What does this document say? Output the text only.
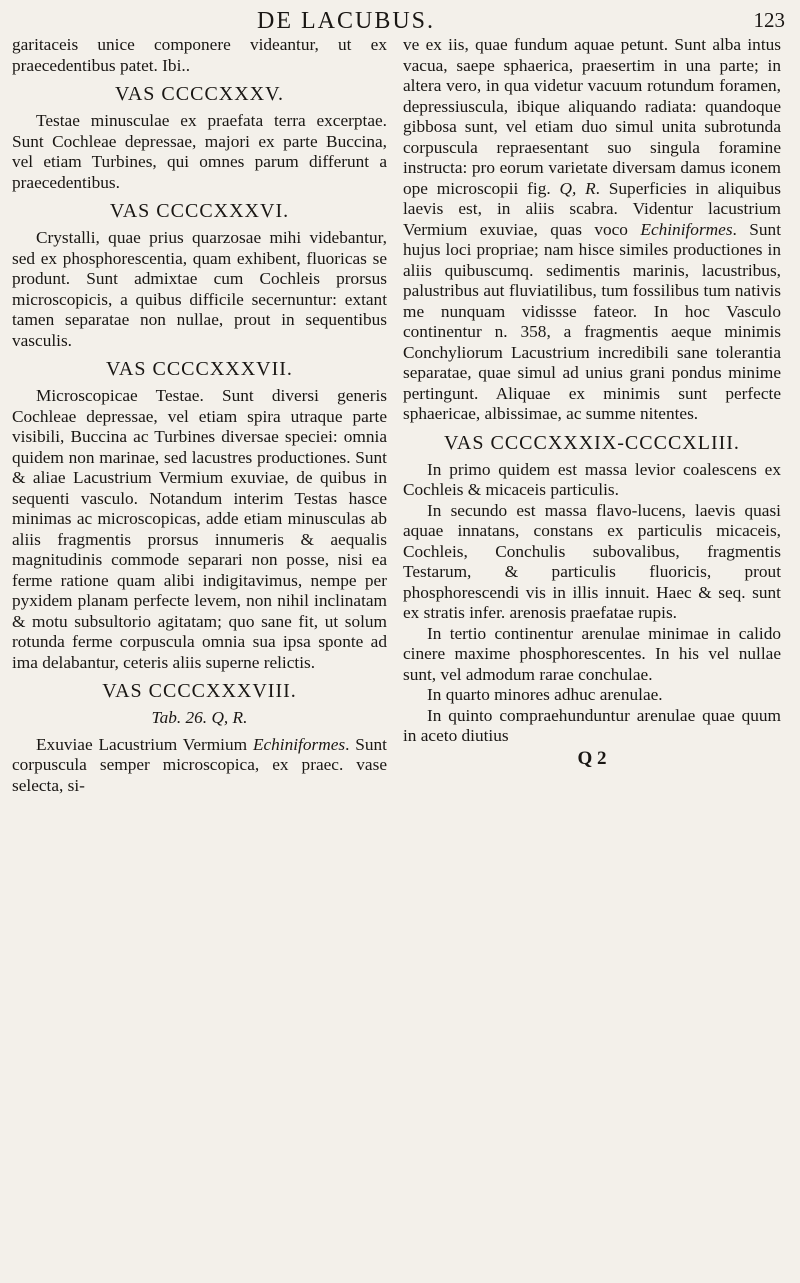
DE LACUBUS.	123

garitaceis unice componere videantur, ut ex praecedentibus patet. Ibi..

VAS CCCCXXXV.

Testae minusculae ex praefata terra excerptae. Sunt Cochleae depressae, majori ex parte Buccina, vel etiam Turbines, qui omnes parum differunt a praecedentibus.

VAS CCCCXXXVI.

Crystalli, quae prius quarzosae mihi videbantur, sed ex phosphorescentia, quam exhibent, fluoricas se produnt. Sunt admixtae cum Cochleis prorsus microscopicis, a quibus difficile secernuntur: extant tamen separatae non nullae, prout in sequentibus vasculis.

VAS CCCCXXXVII.

Microscopicae Testae. Sunt diversi generis Cochleae depressae, vel etiam spira utraque parte visibili, Buccina ac Turbines diversae speciei: omnia quidem non marinae, sed lacustres productiones. Sunt & aliae Lacustrium Vermium exuviae, de quibus in sequenti vasculo. Notandum interim Testas hasce minimas ac microscopicas, adde etiam minusculas ab aliis fragmentis prorsus innumeris & aequalis magnitudinis commode separari non posse, nisi ea ferme ratione quam alibi indigitavimus, nempe per pyxidem planam perfecte levem, non nihil inclinatam & motu subsultorio agitatam; quo sane fit, ut solum rotunda ferme corpuscula omnia sua ipsa sponte ad ima delabantur, ceteris aliis superne relictis.

VAS CCCCXXXVIII.

Tab. 26. Q, R.

Exuviae Lacustrium Vermium Echiniformes. Sunt corpuscula semper microscopica, ex praec. vase selecta, si-

ve ex iis, quae fundum aquae petunt. Sunt alba intus vacua, saepe sphaerica, praesertim in una parte; in altera vero, in qua videtur vacuum rotundum foramen, depressiuscula, ibique aliquando radiata: quandoque gibbosa sunt, vel etiam duo simul unita subrotunda corpuscula repraesentant suo singula foramine instructa: pro eorum varietate diversam damus iconem ope microscopii fig. Q, R. Superficies in aliquibus laevis est, in aliis scabra. Videntur lacustrium Vermium exuviae, quas voco Echiniformes. Sunt hujus loci propriae; nam hisce similes productiones in aliis quibuscumq. sedimentis marinis, lacustribus, palustribus aut fluviatilibus, tum fossilibus tum nativis me nunquam vidissse fateor. In hoc Vasculo continentur n. 358, a fragmentis aeque minimis Conchyliorum Lacustrium incredibili sane tolerantia separatae, quae simul ad unius grani pondus minime pertingunt. Aliquae ex minimis sunt perfecte sphaericae, albissimae, ac summe nitentes.

VAS CCCCXXXIX-CCCCXLIII.

In primo quidem est massa levior coalescens ex Cochleis & micaceis particulis.

In secundo est massa flavo-lucens, laevis quasi aquae innatans, constans ex particulis micaceis, Cochleis, Conchulis subovalibus, fragmentis Testarum, & particulis fluoricis, prout phosphorescendi vis in illis innuit. Haec & seq. sunt ex stratis infer. arenosis praefatae rupis.

In tertio continentur arenulae minimae in calido cinere maxime phosphorescentes. In his vel nullae sunt, vel admodum rarae conchulae.

In quarto minores adhuc arenulae.

In quinto compraehunduntur arenulae quae quum in aceto diutius

Q 2
